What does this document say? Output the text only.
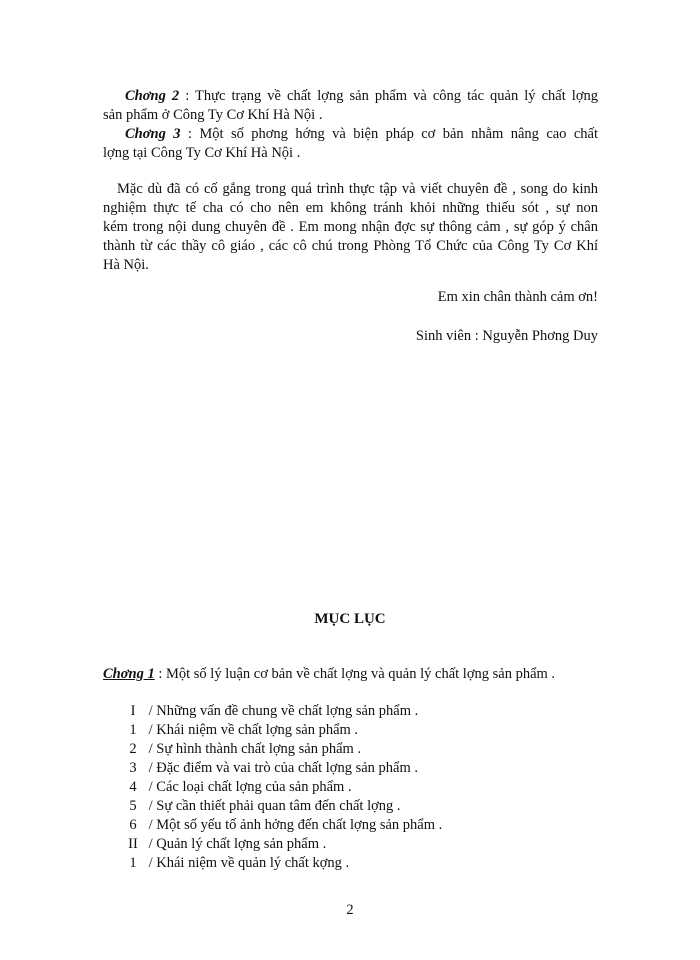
Chơng 2 : Thực trạng về chất lợng sản phẩm và công tác quản lý chất lợng
sản phẩm ở Công Ty Cơ Khí Hà Nội .
Chơng 3 : Một số phơng hớng và biện pháp cơ bản nhằm nâng cao chất
lợng tại Công Ty Cơ Khí Hà Nội .
Mặc dù đã có cố gắng trong quá trình thực tập và viết chuyên đề , song do kinh
nghiệm thực tế cha có cho nên em không tránh khỏi những thiếu sót , sự non
kém trong nội dung chuyên đề . Em mong nhận đợc sự thông cảm , sự góp ý chân
thành từ các thầy cô giáo , các cô chú trong Phòng Tổ Chức của Công Ty Cơ Khí
Hà Nội.
Em xin chân thành cảm ơn!
Sinh viên : Nguyễn Phơng Duy
MỤC LỤC
Chơng 1 : Một số lý luận cơ bản về chất lợng và quản lý chất lợng sản phẩm .
I / Những vấn đề chung về chất lợng sản phẩm .
1 / Khái niệm về chất lợng sản phẩm .
2 / Sự hình thành chất lợng sản phẩm .
3 / Đặc điểm và vai trò của chất lợng sản phẩm .
4 / Các loại chất lợng của sản phẩm .
5 / Sự cần thiết phải quan tâm đến chất lợng .
6 / Một số yếu tố ảnh hởng đến chất lợng sản phẩm .
II / Quản lý chất lợng sản phẩm .
1 / Khái niệm về quản lý chất kợng .
2
